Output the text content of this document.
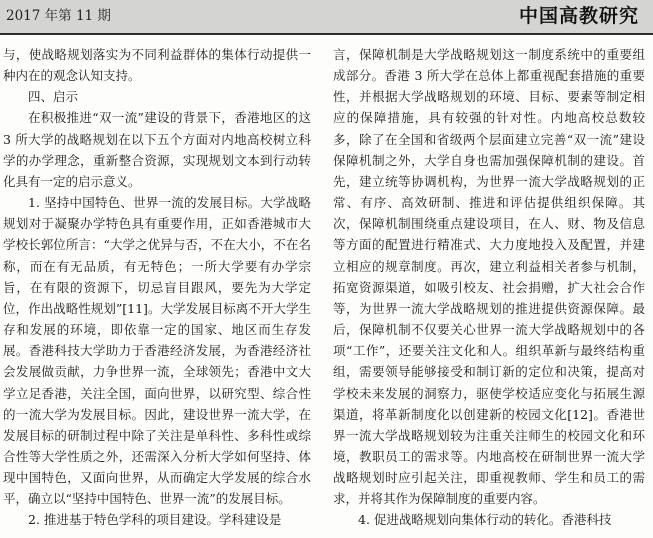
2017 年第 11 期	中国高教研究

与，使战略规划落实为不同利益群体的集体行动提供一种内在的观念认知支持。

四、启示

在积极推进“双一流”建设的背景下，香港地区的这 3 所大学的战略规划在以下五个方面对内地高校树立科学的办学理念，重新整合资源，实现规划文本到行动转化具有一定的启示意义。

1. 坚持中国特色、世界一流的发展目标。大学战略规划对于凝聚办学特色具有重要作用，正如香港城市大学校长郭位所言：“大学之优异与否，不在大小，不在名称，而在有无品质，有无特色；一所大学要有办学宗旨，在有限的资源下，切忌盲目跟风，要先为大学定位，作出战略性规划”[11]。大学发展目标离不开大学生存和发展的环境，即依靠一定的国家、地区而生存发展。香港科技大学助力于香港经济发展，为香港经济社会发展做贡献，力争世界一流，全球领先；香港中文大学立足香港，关注全国，面向世界，以研究型、综合性的一流大学为发展目标。因此，建设世界一流大学，在发展目标的研制过程中除了关注是单科性、多科性或综合性等大学性质之外，还需深入分析大学如何坚持、体现中国特色，又面向世界，从而确定大学发展的综合水平，确立以“坚持中国特色、世界一流”的发展目标。

2. 推进基于特色学科的项目建设。学科建设是

言，保障机制是大学战略规划这一制度系统中的重要组成部分。香港 3 所大学在总体上都重视配套措施的重要性，并根据大学战略规划的环境、目标、要素等制定相应的保障措施，具有较强的针对性。内地高校总数较多，除了在全国和省级两个层面建立完善“双一流”建设保障机制之外，大学自身也需加强保障机制的建设。首先，建立统等协调机构，为世界一流大学战略规划的正常、有序、高效研制、推进和评估提供组织保障。其次，保障机制围绕重点建设项目，在人、财、物及信息等方面的配置进行精准式、大力度地投入及配置，并建立相应的规章制度。再次，建立利益相关者参与机制，拓宽资源渠道，如吸引校友、社会捐赠，扩大社会合作等，为世界一流大学战略规划的推进提供资源保障。最后，保障机制不仅要关心世界一流大学战略规划中的各项“工作”，还要关注文化和人。组织革新与最终结构重组，需要领导能够接受和制订新的定位和决策，提高对学校未来发展的洞察力，驱使学校适应变化与拓展生源渠道，将革新制度化以创建新的校园文化[12]。香港世界一流大学战略规划较为注重关注师生的校园文化和环境，教职员工的需求等。内地高校在研制世界一流大学战略规划时应引起关注，即重视教师、学生和员工的需求，并将其作为保障制度的重要内容。

4. 促进战略规划向集体行动的转化。香港科技
